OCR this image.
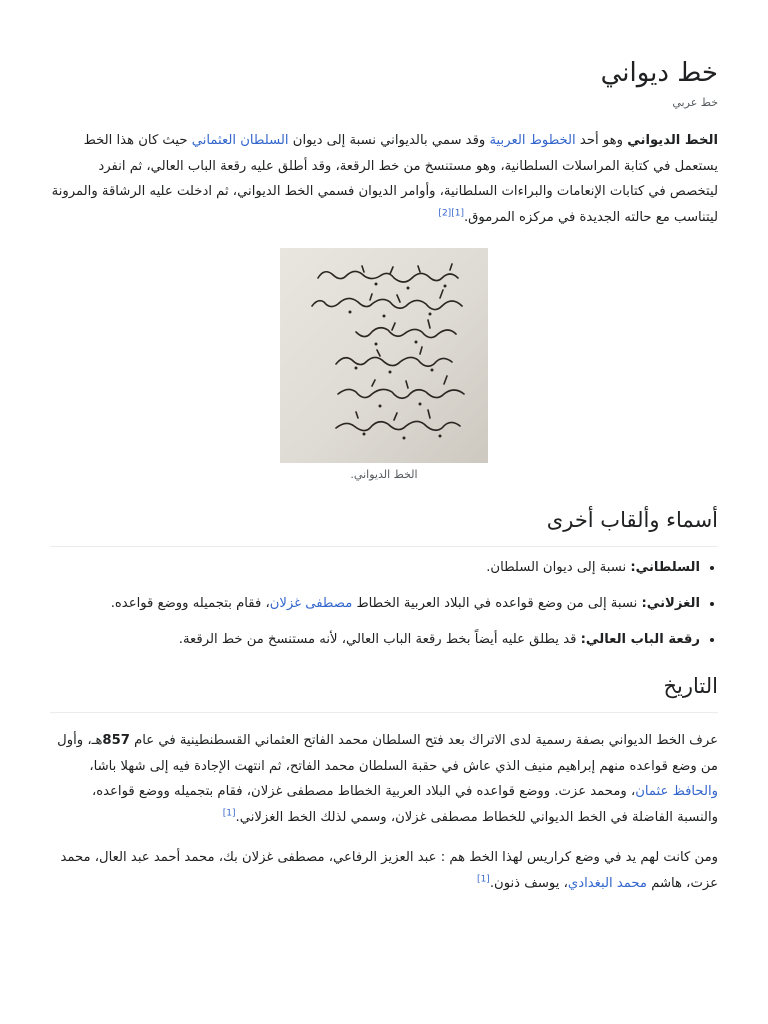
خط ديواني
خط عربي

الخط الديواني وهو أحد الخطوط العربية وقد سمي بالديواني نسبة إلى ديوان السلطان العثماني حيث كان هذا الخط يستعمل في كتابة المراسلات السلطانية، وهو مستنسخ من خط الرقعة، وقد أطلق عليه رقعة الباب العالي، ثم انفرد ليتخصص في كتابات الإنعامات والبراءات السلطانية، وأوامر الديوان فسمي الخط الديواني، ثم ادخلت عليه الرشاقة والمرونة ليتناسب مع حالته الجديدة في مركزه المرموق.[1][2]

الخط الديواني.
أسماء وألقاب أخرى
• السلطاني: نسبة إلى ديوان السلطان.
• الغزلاني: نسبة إلى من وضع قواعده في البلاد العربية الخطاط مصطفى غزلان، فقام بتجميله ووضع قواعده.
• رقعة الباب العالي: قد يطلق عليه أيضاً بخط رقعة الباب العالي، لأنه مستنسخ من خط الرقعة.
التاريخ

عرف الخط الديواني بصفة رسمية لدى الاتراك بعد فتح السلطان محمد الفاتح العثماني القسطنطينية في عام 857هـ، وأول من وضع قواعده منهم إبراهيم منيف الذي عاش في حقبة السلطان محمد الفاتح، ثم انتهت الإجادة فيه إلى شهلا باشا، والحافظ عثمان، ومحمد عزت. ووضع قواعده في البلاد العربية الخطاط مصطفى غزلان، فقام بتجميله ووضع قواعده، والنسبة الفاضلة في الخط الديواني للخطاط مصطفى غزلان، وسمي لذلك الخط الغزلاني.[1]

ومن كانت لهم يد في وضع كراريس لهذا الخط هم : عبد العزيز الرفاعي، مصطفى غزلان بك، محمد أحمد عبد العال، محمد عزت، هاشم محمد البغدادي، يوسف ذنون.[1]
